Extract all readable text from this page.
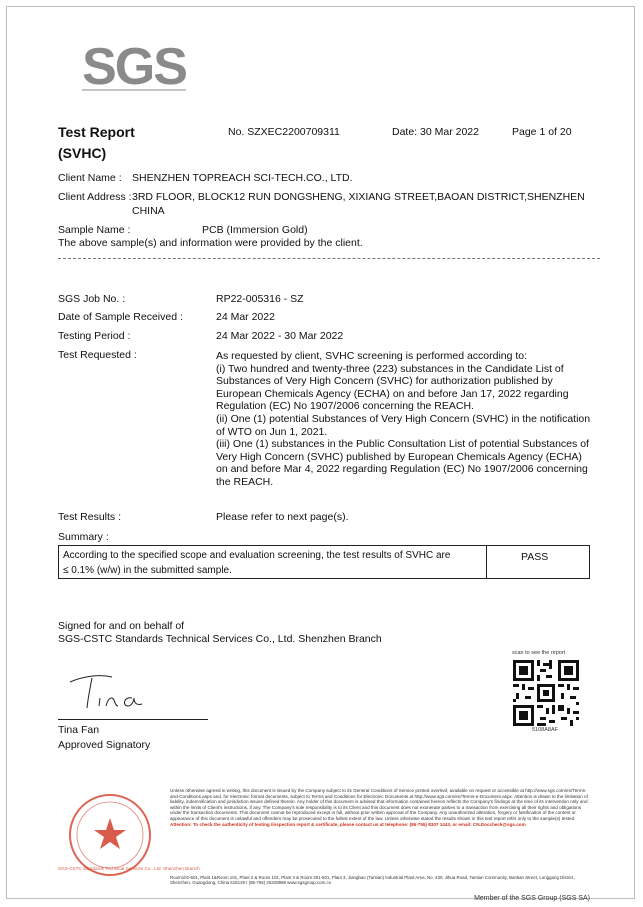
SGS
Test Report
(SVHC)
No. SZXEC2200709311	Date: 30 Mar 2022	Page 1 of 20
Client Name : SHENZHEN TOPREACH SCI-TECH.CO., LTD.
Client Address : 3RD FLOOR, BLOCK12 RUN DONGSHENG, XIXIANG STREET,BAOAN DISTRICT,SHENZHEN
CHINA
Sample Name :	PCB (Immersion Gold)
The above sample(s) and information were provided by the client.
SGS Job No. :	RP22-005316 - SZ
Date of Sample Received :	24 Mar 2022
Testing Period :	24 Mar 2022 - 30 Mar 2022
Test Requested :	As requested by client, SVHC screening is performed according to:
(i) Two hundred and twenty-three (223) substances in the Candidate List of
Substances of Very High Concern (SVHC) for authorization published by
European Chemicals Agency (ECHA) on and before Jan 17, 2022 regarding
Regulation (EC) No 1907/2006 concerning the REACH.
(ii) One (1) potential Substances of Very High Concern (SVHC) in the notification
of WTO on Jun 1, 2021.
(iii) One (1) substances in the Public Consultation List of potential Substances of
Very High Concern (SVHC) published by European Chemicals Agency (ECHA)
on and before Mar 4, 2022 regarding Regulation (EC) No 1907/2006 concerning
the REACH.
Test Results :	Please refer to next page(s).
Summary :
According to the specified scope and evaluation screening, the test results of SVHC are
≤ 0.1% (w/w) in the submitted sample.
PASS
Signed for and on behalf of
SGS-CSTC Standards Technical Services Co., Ltd. Shenzhen Branch
Tina Fan
Approved Signatory
scan to see the report
5108A8AF
SGS-CSTC Standards Technical Services Co., Ltd. Shenzhen Branch
Unless otherwise agreed in writing, this document is issued by the Company subject to its General Conditions of Service printed overleaf, available on request or accessible at http://www.sgs.com/en/Terms-and-Conditions.aspx and, for electronic format documents, subject to Terms and Conditions for Electronic Documents at http://www.sgs.com/en/Terms-e-Document.aspx. Attention is drawn to the limitation of liability, indemnification and jurisdiction issues defined therein. Any holder of this document is advised that information contained hereon reflects the Company's findings at the time of its intervention only and within the limits of Client's instructions, if any. The Company's sole responsibility is to its Client and this document does not exonerate parties to a transaction from exercising all their rights and obligations under the transaction documents. This document cannot be reproduced except in full, without prior written approval of the Company. Any unauthorized alteration, forgery or falsification of the content or appearance of this document is unlawful and offenders may be prosecuted to the fullest extent of the law. Unless otherwise stated the results shown in this test report refer only to the sample(s) tested. Attention: To check the authenticity of testing /inspection report & certificate, please contact us at telephone: (86-755) 8307 1443, or email: CN.Doccheck@sgs.com
Room101-601, Plant 1&Room 101, Plant 2 & Room 101, Plant 3 & Room 301-501, Plant 3, Jiangbao (Tantian) Industrial Plant Area, No. 430, Jihua Road, Tantian Community, Bantian Street, Longgang District, Shenzhen, Guangdong, China 518129 t (86-755) 25328888 www.sgsgroup.com.cn
Member of the SGS Group (SGS SA)
